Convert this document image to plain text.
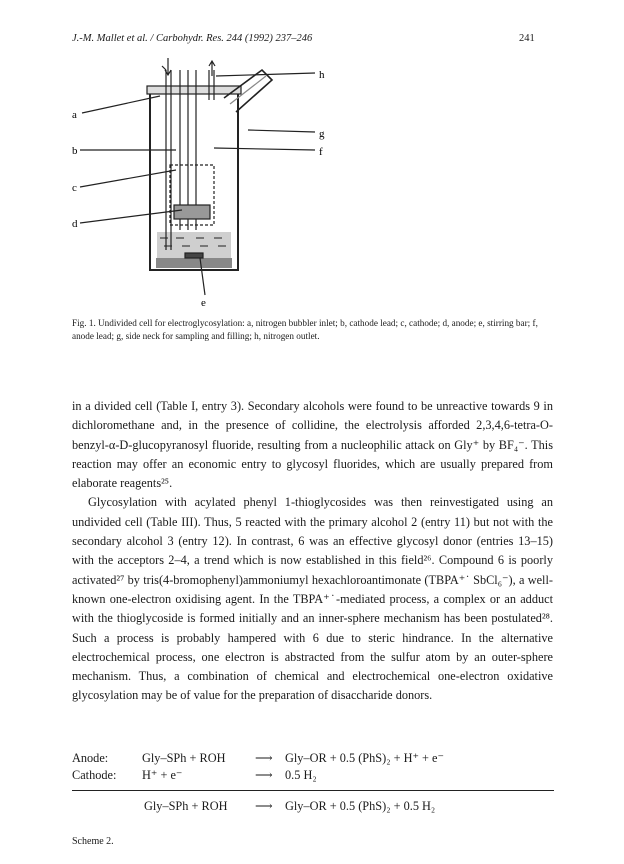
J.-M. Mallet et al. / Carbohydr. Res. 244 (1992) 237–246	241
a
b
c
d
e
f
g
h
Fig. 1. Undivided cell for electroglycosylation: a, nitrogen bubbler inlet; b, cathode lead; c, cathode; d, anode; e, stirring bar; f, anode lead; g, side neck for sampling and filling; h, nitrogen outlet.

in a divided cell (Table I, entry 3). Secondary alcohols were found to be unreactive towards 9 in dichloromethane and, in the presence of collidine, the electrolysis afforded 2,3,4,6-tetra-O-benzyl-α-D-glucopyranosyl fluoride, resulting from a nucleophilic attack on Gly⁺ by BF₄⁻. This reaction may offer an economic entry to glycosyl fluorides, which are usually prepared from elaborate reagents²⁵.

Glycosylation with acylated phenyl 1-thioglycosides was then reinvestigated using an undivided cell (Table III). Thus, 5 reacted with the primary alcohol 2 (entry 11) but not with the secondary alcohol 3 (entry 12). In contrast, 6 was an effective glycosyl donor (entries 13–15) with the acceptors 2–4, a trend which is now established in this field²⁶. Compound 6 is poorly activated²⁷ by tris(4-bromophenyl)ammoniumyl hexachloroantimonate (TBPA⁺˙ SbCl₆⁻), a well-known one-electron oxidising agent. In the TBPA⁺˙-mediated process, a complex or an adduct with the thioglycoside is formed initially and an inner-sphere mechanism has been postulated²⁸. Such a process is probably hampered with 6 due to steric hindrance. In the alternative electrochemical process, one electron is abstracted from the sulfur atom by an outer-sphere mechanism. Thus, a combination of chemical and electrochemical one-electron oxidative glycosylation may be of value for the preparation of disaccharide donors.

Anode:	Gly–SPh + ROH ⟶ Gly–OR + 0.5 (PhS)₂ + H⁺ + e⁻
Cathode: H⁺ + e⁻	⟶ 0.5 H₂
Gly–SPh + ROH ⟶ Gly–OR + 0.5 (PhS)₂ + 0.5 H₂
Scheme 2.
